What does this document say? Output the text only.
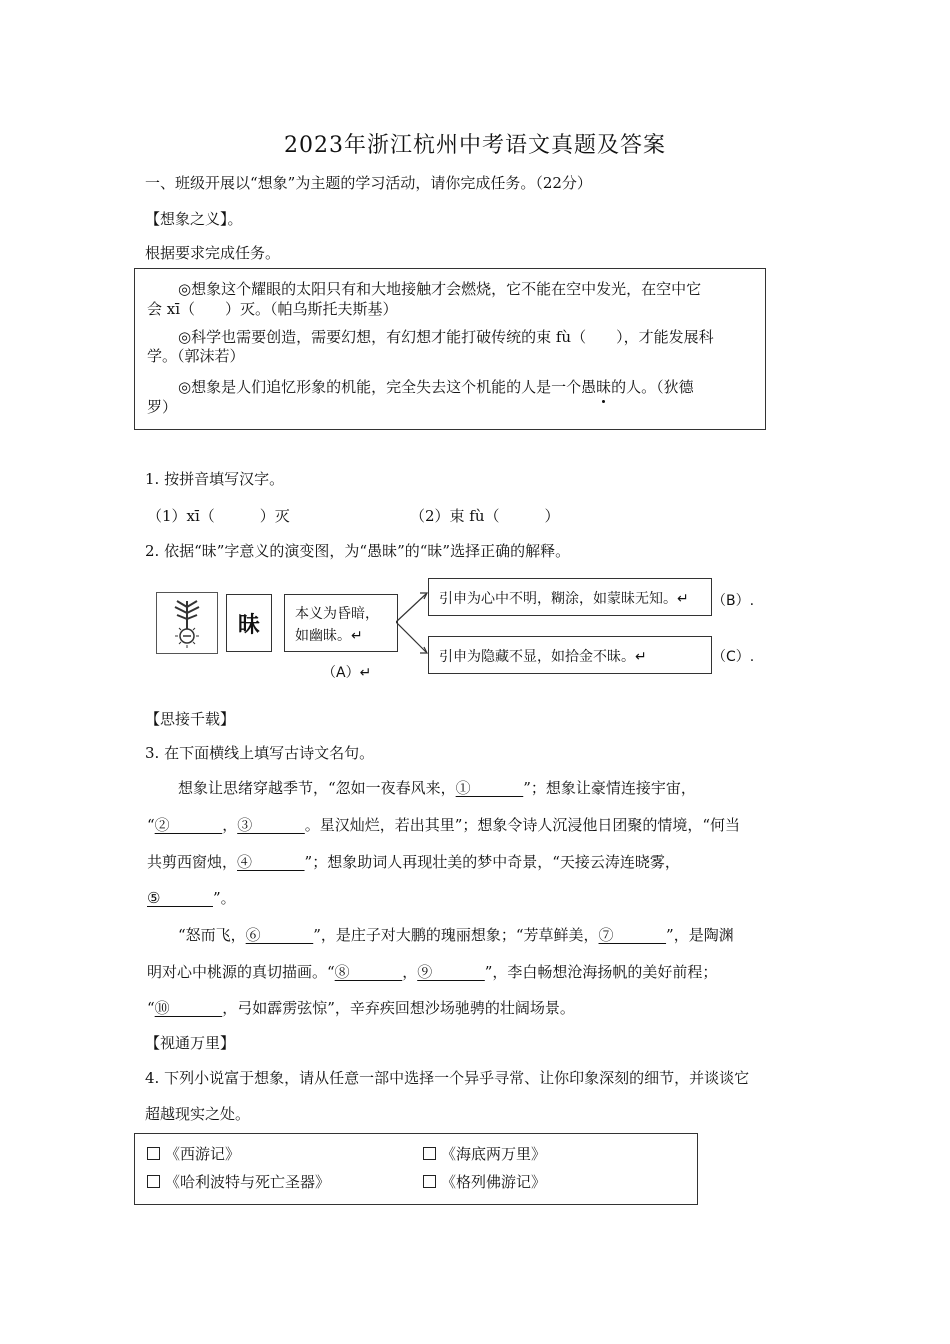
2023年浙江杭州中考语文真题及答案
一、班级开展以“想象”为主题的学习活动，请你完成任务。（22分）
【想象之义】。
根据要求完成任务。
◎想象这个耀眼的太阳只有和大地接触才会燃烧，它不能在空中发光，在空中它
会 xī（　　）灭。（帕乌斯托夫斯基）
◎科学也需要创造，需要幻想，有幻想才能打破传统的束 fù（　　），才能发展科
学。（郭沫若）
◎想象是人们追忆形象的机能，完全失去这个机能的人是一个愚昧的人。（狄德
罗）
1. 按拼音填写汉字。
（1）xī（　　　）灭	（2）束 fù（　　　）
2. 依据“昧”字意义的演变图，为“愚昧”的“昧”选择正确的解释。
昧	本义为昏暗，
如幽昧。↵
（A）↵
引申为心中不明，糊涂，如蒙昧无知。↵ （B）.
引申为隐藏不显，如拾金不昧。↵	（C）.
【思接千载】
3. 在下面横线上填写古诗文名句。
想象让思绪穿越季节，“忽如一夜春风来，①_______”；想象让豪情连接宇宙，
“②_______，③_______。星汉灿烂，若出其里”；想象令诗人沉浸他日团聚的情境，“何当
共剪西窗烛，④_______”；想象助词人再现壮美的梦中奇景，“天接云涛连晓雾，
⑤_______”。
“怒而飞，⑥_______”，是庄子对大鹏的瑰丽想象；“芳草鲜美，⑦_______”，是陶渊
明对心中桃源的真切描画。“⑧_______，⑨_______”，李白畅想沧海扬帆的美好前程；
“⑩_______，弓如霹雳弦惊”，辛弃疾回想沙场驰骋的壮阔场景。
【视通万里】
4. 下列小说富于想象，请从任意一部中选择一个异乎寻常、让你印象深刻的细节，并谈谈它
超越现实之处。
《西游记》	《海底两万里》
《哈利波特与死亡圣器》	《格列佛游记》
